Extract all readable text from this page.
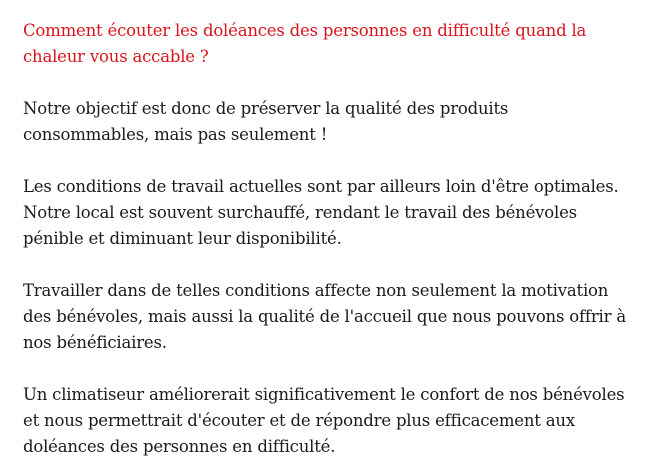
Comment écouter les doléances des personnes en difficulté quand la chaleur vous accable ?

Notre objectif est donc de préserver la qualité des produits consommables, mais pas seulement !

Les conditions de travail actuelles sont par ailleurs loin d'être optimales. Notre local est souvent surchauffé, rendant le travail des bénévoles pénible et diminuant leur disponibilité.

Travailler dans de telles conditions affecte non seulement la motivation des bénévoles, mais aussi la qualité de l'accueil que nous pouvons offrir à nos bénéficiaires.

Un climatiseur améliorerait significativement le confort de nos bénévoles et nous permettrait d'écouter et de répondre plus efficacement aux doléances des personnes en difficulté.
